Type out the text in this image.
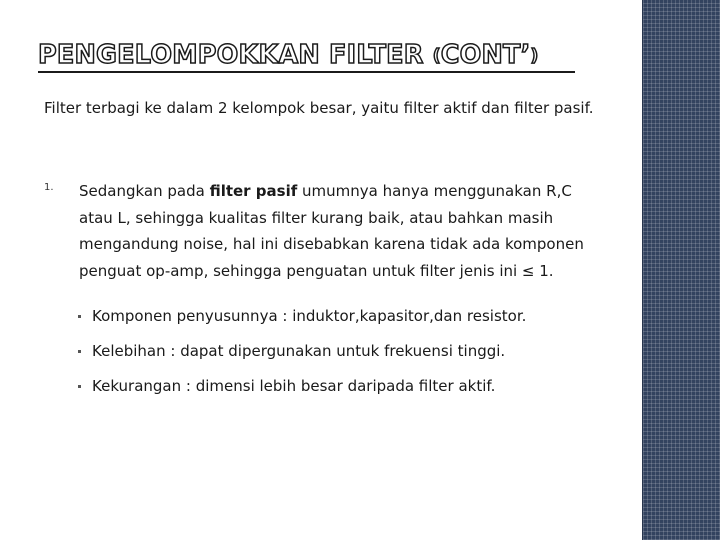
PENGELOMPOKKAN FILTER (CONT’)

Filter terbagi ke dalam 2 kelompok besar, yaitu filter aktif dan filter pasif.

1. Sedangkan pada filter pasif umumnya hanya menggunakan R,C atau L, sehingga kualitas filter kurang baik, atau bahkan masih mengandung noise, hal ini disebabkan karena tidak ada komponen penguat op-amp, sehingga penguatan untuk filter jenis ini ≤ 1.

Komponen penyusunnya : induktor,kapasitor,dan resistor.
Kelebihan : dapat dipergunakan untuk frekuensi tinggi.
Kekurangan : dimensi lebih besar daripada filter aktif.
